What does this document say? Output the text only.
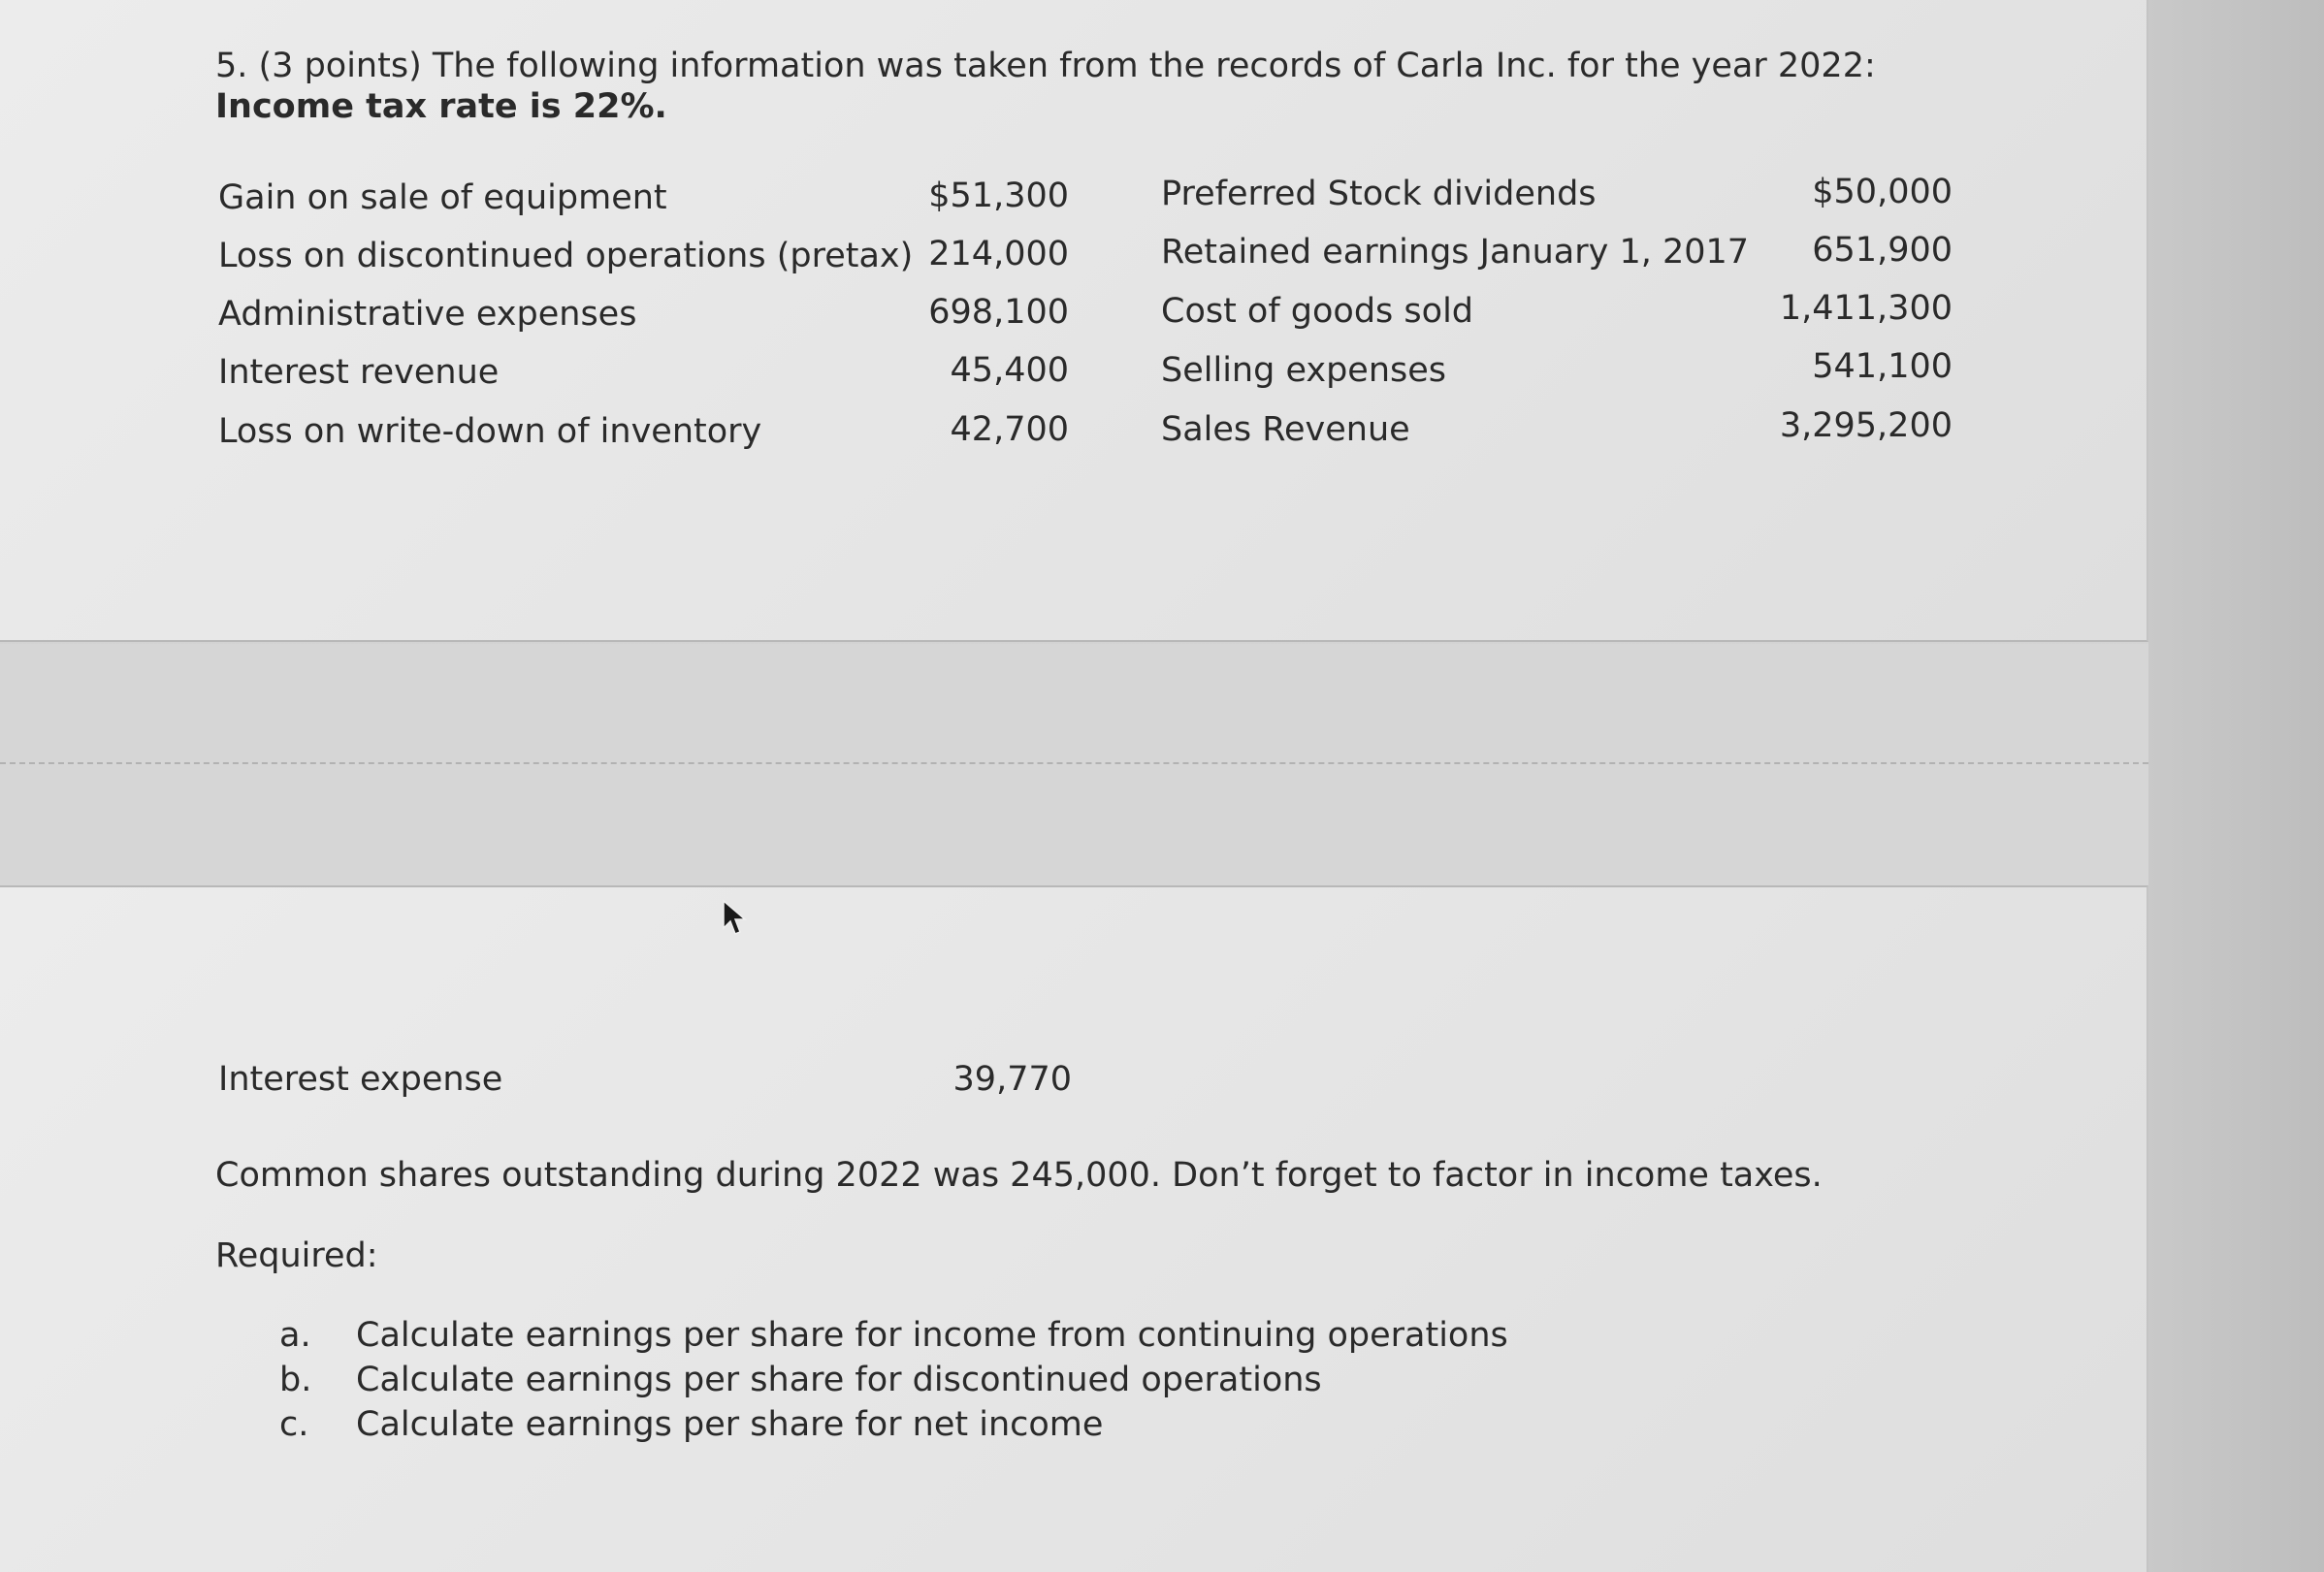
5. (3 points) The following information was taken from the records of Carla Inc. for the year 2022:
Income tax rate is 22%.
Gain on sale of equipment
Loss on discontinued operations (pretax)
Administrative expenses
Interest revenue
Loss on write-down of inventory
$51,300
214,000
698,100
45,400
42,700
Preferred Stock dividends
Retained earnings January 1, 2017
Cost of goods sold
Selling expenses
Sales Revenue
$50,000
651,900
1,411,300
541,100
3,295,200
Interest expense	39,770
Common shares outstanding during 2022 was 245,000. Don’t forget to factor in income taxes.
Required:
a. Calculate earnings per share for income from continuing operations
b. Calculate earnings per share for discontinued operations
c. Calculate earnings per share for net income
